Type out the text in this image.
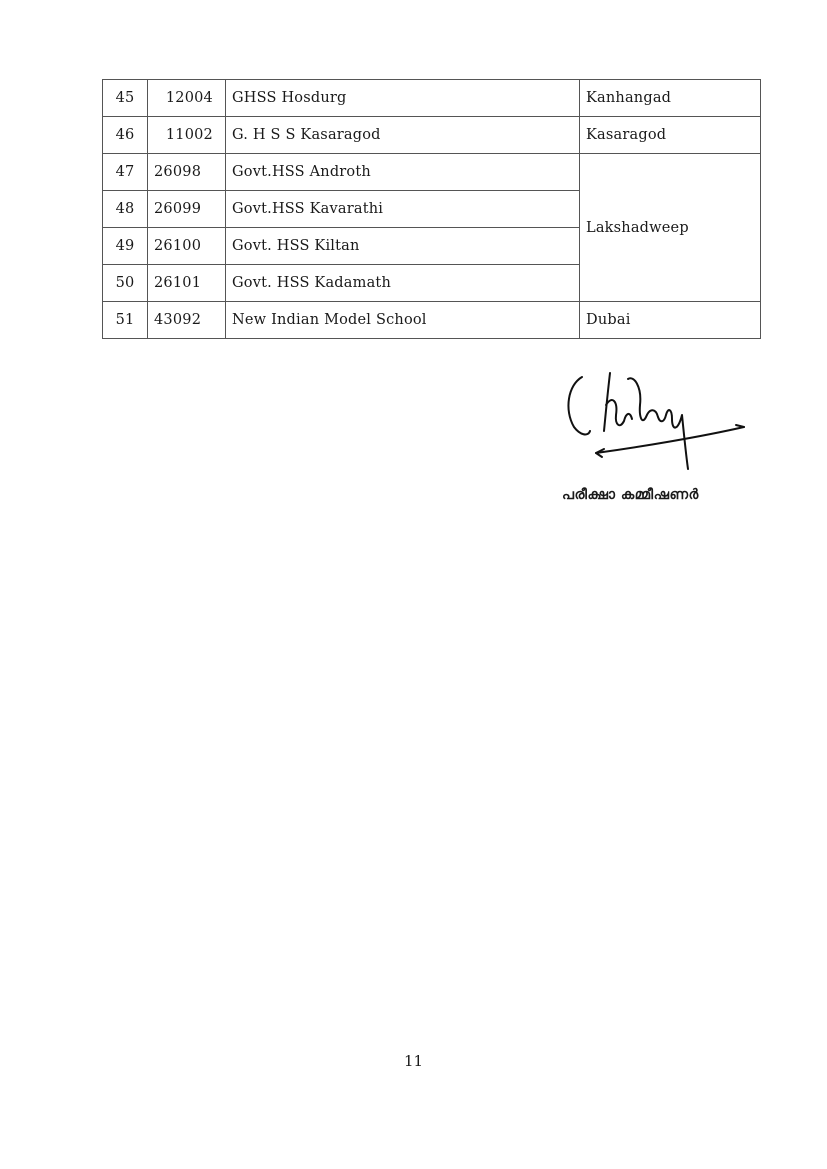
45	12004	GHSS Hosdurg	Kanhangad
46	11002	G. H S S Kasaragod	Kasaragod
47	26098	Govt.HSS Androth	Lakshadweep
48	26099	Govt.HSS Kavarathi	
49	26100	Govt. HSS Kiltan	
50	26101	Govt. HSS Kadamath	
51	43092	New Indian Model School	Dubai
പരീക്ഷാ കമ്മീഷണർ
11
